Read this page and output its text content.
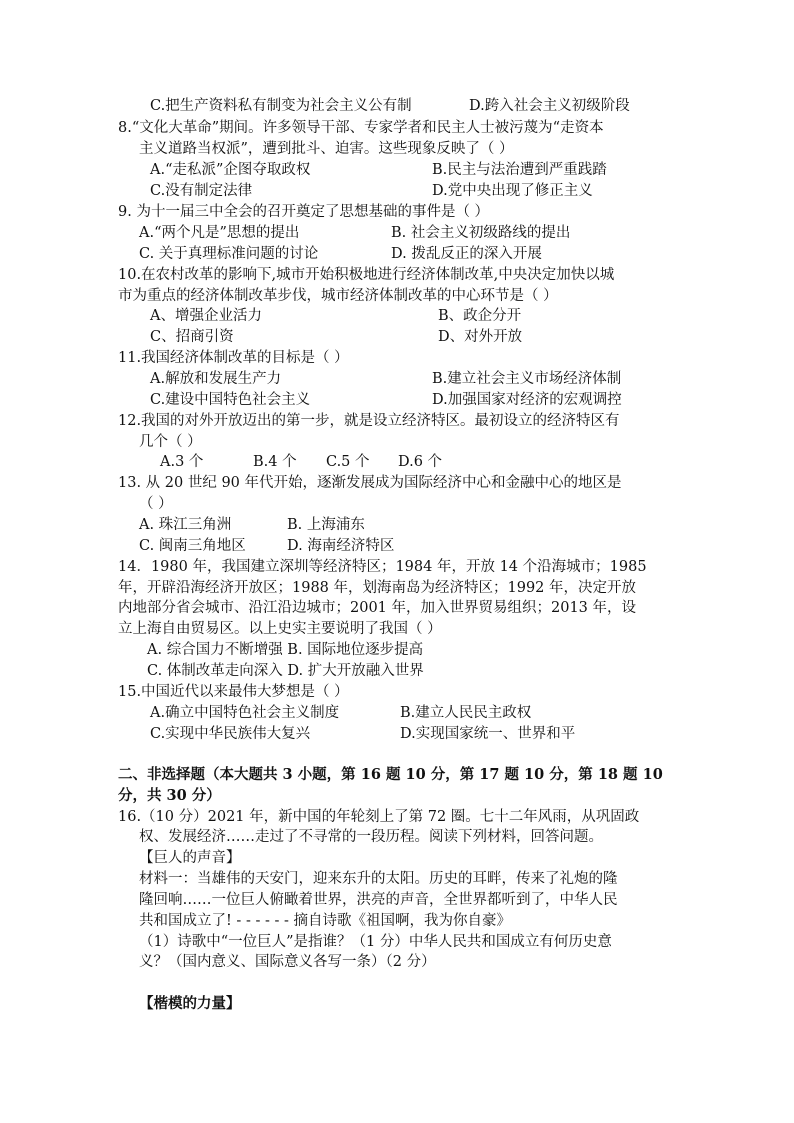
C.把生产资料私有制变为社会主义公有制	D.跨入社会主义初级阶段
8.“文化大革命”期间。许多领导干部、专家学者和民主人士被污蔑为“走资本
主义道路当权派”，遭到批斗、迫害。这些现象反映了（ ）
A.“走私派”企图夺取政权	B.民主与法治遭到严重践踏
C.没有制定法律	D.党中央出现了修正主义
9. 为十一届三中全会的召开奠定了思想基础的事件是（ ）
A.“两个凡是”思想的提出	B. 社会主义初级路线的提出
C. 关于真理标准问题的讨论	D. 拨乱反正的深入开展
10.在农村改革的影响下,城市开始积极地进行经济体制改革,中央决定加快以城
市为重点的经济体制改革步伐，城市经济体制改革的中心环节是（ ）
A、增强企业活力	B、政企分开
C、招商引资	D、对外开放
11.我国经济体制改革的目标是（ ）
A.解放和发展生产力	B.建立社会主义市场经济体制
C.建设中国特色社会主义	D.加强国家对经济的宏观调控
12.我国的对外开放迈出的第一步，就是设立经济特区。最初设立的经济特区有
几个（ ）
A.3 个	B.4 个 C.5 个 D.6 个
13. 从 20 世纪 90 年代开始，逐渐发展成为国际经济中心和金融中心的地区是
（ ）
A. 珠江三角洲	B. 上海浦东
C. 闽南三角地区	D. 海南经济特区
14．1980 年，我国建立深圳等经济特区；1984 年，开放 14 个沿海城市；1985
年，开辟沿海经济开放区；1988 年，划海南岛为经济特区；1992 年，决定开放
内地部分省会城市、沿江沿边城市；2001 年，加入世界贸易组织；2013 年，设
立上海自由贸易区。以上史实主要说明了我国（ ）
A. 综合国力不断增强 B. 国际地位逐步提高
C. 体制改革走向深入 D. 扩大开放融入世界
15.中国近代以来最伟大梦想是（ ）
A.确立中国特色社会主义制度	B.建立人民民主政权
C.实现中华民族伟大复兴	D.实现国家统一、世界和平
二、非选择题（本大题共 3 小题，第 16 题 10 分，第 17 题 10 分，第 18 题 10
分，共 30 分）
16.（10 分）2021 年，新中国的年轮刻上了第 72 圈。七十二年风雨，从巩固政
权、发展经济……走过了不寻常的一段历程。阅读下列材料，回答问题。
【巨人的声音】
材料一：当雄伟的天安门，迎来东升的太阳。历史的耳畔，传来了礼炮的隆
隆回响……一位巨人俯瞰着世界，洪亮的声音，全世界都听到了，中华人民
共和国成立了! - - - - - - 摘自诗歌《祖国啊，我为你自豪》
（1）诗歌中“一位巨人”是指谁？（1 分）中华人民共和国成立有何历史意
义？（国内意义、国际意义各写一条）（2 分）
【楷模的力量】
